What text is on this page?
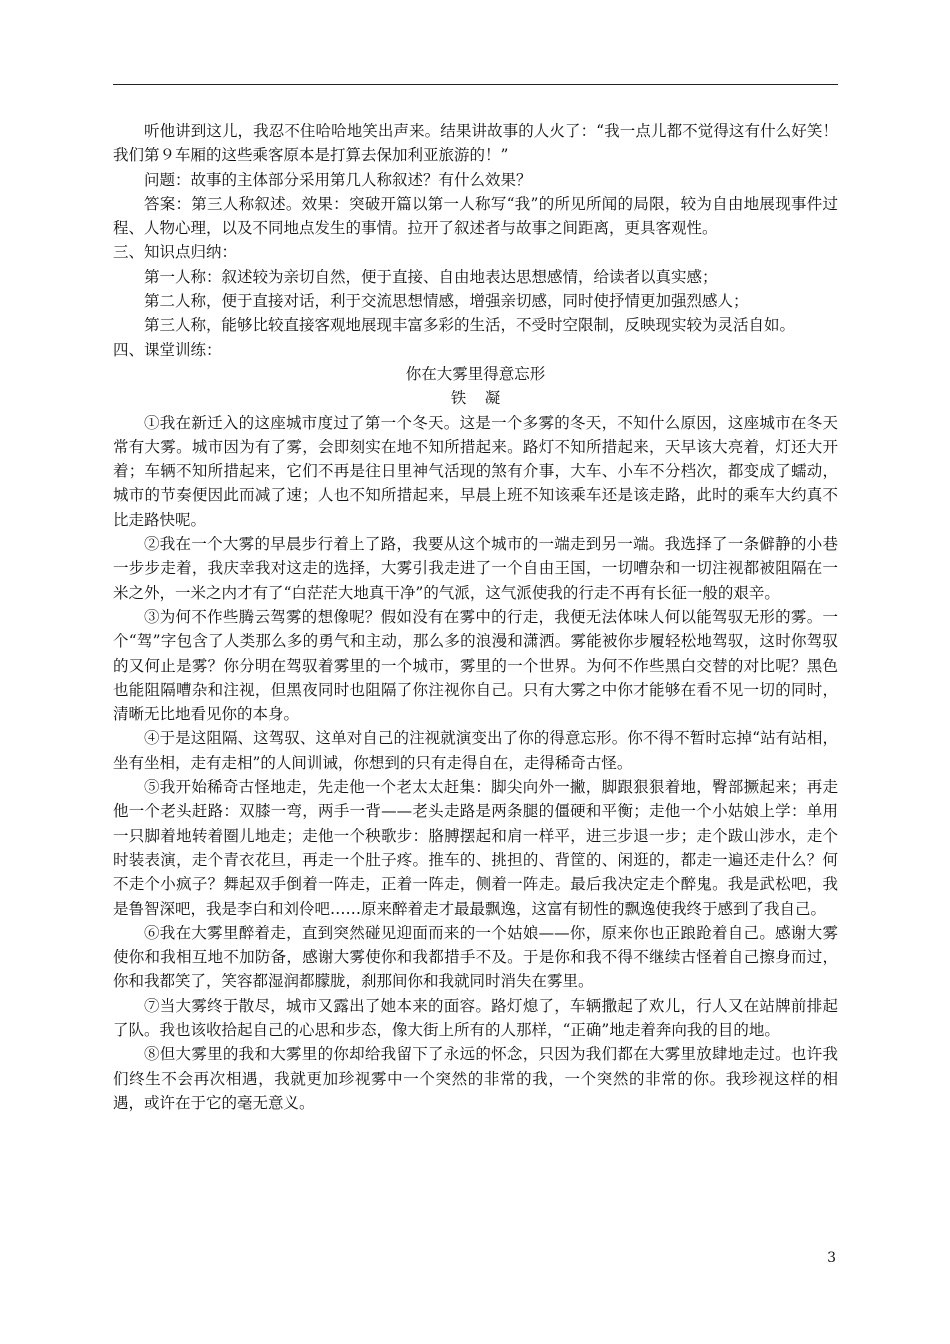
听他讲到这儿，我忍不住哈哈地笑出声来。结果讲故事的人火了：“我一点儿都不觉得这有什么好笑！我们第９车厢的这些乘客原本是打算去保加利亚旅游的！”

问题：故事的主体部分采用第几人称叙述？有什么效果？

答案：第三人称叙述。效果：突破开篇以第一人称写“我”的所见所闻的局限，较为自由地展现事件过程、人物心理，以及不同地点发生的事情。拉开了叙述者与故事之间距离，更具客观性。

三、知识点归纳：

第一人称：叙述较为亲切自然，便于直接、自由地表达思想感情，给读者以真实感；

第二人称，便于直接对话，利于交流思想情感，增强亲切感，同时使抒情更加强烈感人；

第三人称，能够比较直接客观地展现丰富多彩的生活，不受时空限制，反映现实较为灵活自如。

四、课堂训练：

你在大雾里得意忘形

铁凝

①我在新迁入的这座城市度过了第一个冬天。这是一个多雾的冬天，不知什么原因，这座城市在冬天常有大雾。城市因为有了雾，会即刻实在地不知所措起来。路灯不知所措起来，天早该大亮着，灯还大开着；车辆不知所措起来，它们不再是往日里神气活现的煞有介事，大车、小车不分档次，都变成了蠕动，城市的节奏便因此而减了速；人也不知所措起来，早晨上班不知该乘车还是该走路，此时的乘车大约真不比走路快呢。

②我在一个大雾的早晨步行着上了路，我要从这个城市的一端走到另一端。我选择了一条僻静的小巷一步步走着，我庆幸我对这走的选择，大雾引我走进了一个自由王国，一切嘈杂和一切注视都被阻隔在一米之外，一米之内才有了“白茫茫大地真干净”的气派，这气派使我的行走不再有长征一般的艰辛。

③为何不作些腾云驾雾的想像呢？假如没有在雾中的行走，我便无法体味人何以能驾驭无形的雾。一个“驾”字包含了人类那么多的勇气和主动，那么多的浪漫和潇洒。雾能被你步履轻松地驾驭，这时你驾驭的又何止是雾？你分明在驾驭着雾里的一个城市，雾里的一个世界。为何不作些黑白交替的对比呢？黑色也能阻隔嘈杂和注视，但黑夜同时也阻隔了你注视你自己。只有大雾之中你才能够在看不见一切的同时，清晰无比地看见你的本身。

④于是这阻隔、这驾驭、这单对自己的注视就演变出了你的得意忘形。你不得不暂时忘掉“站有站相，坐有坐相，走有走相”的人间训诫，你想到的只有走得自在，走得稀奇古怪。

⑤我开始稀奇古怪地走，先走他一个老太太赶集：脚尖向外一撇，脚跟狠狠着地，臀部撅起来；再走他一个老头赶路：双膝一弯，两手一背——老头走路是两条腿的僵硬和平衡；走他一个小姑娘上学：单用一只脚着地转着圈儿地走；走他一个秧歌步：胳膊摆起和肩一样平，进三步退一步；走个跋山涉水，走个时装表演，走个青衣花旦，再走一个肚子疼。推车的、挑担的、背筐的、闲逛的，都走一遍还走什么？何不走个小疯子？舞起双手倒着一阵走，正着一阵走，侧着一阵走。最后我决定走个醉鬼。我是武松吧，我是鲁智深吧，我是李白和刘伶吧……原来醉着走才最最飘逸，这富有韧性的飘逸使我终于感到了我自己。

⑥我在大雾里醉着走，直到突然碰见迎面而来的一个姑娘——你，原来你也正踉跄着自己。感谢大雾使你和我相互地不加防备，感谢大雾使你和我都措手不及。于是你和我不得不继续古怪着自己擦身而过，你和我都笑了，笑容都湿润都朦胧，刹那间你和我就同时消失在雾里。

⑦当大雾终于散尽，城市又露出了她本来的面容。路灯熄了，车辆撒起了欢儿，行人又在站牌前排起了队。我也该收拾起自己的心思和步态，像大街上所有的人那样，“正确”地走着奔向我的目的地。

⑧但大雾里的我和大雾里的你却给我留下了永远的怀念，只因为我们都在大雾里放肆地走过。也许我们终生不会再次相遇，我就更加珍视雾中一个突然的非常的我，一个突然的非常的你。我珍视这样的相遇，或许在于它的毫无意义。

3
